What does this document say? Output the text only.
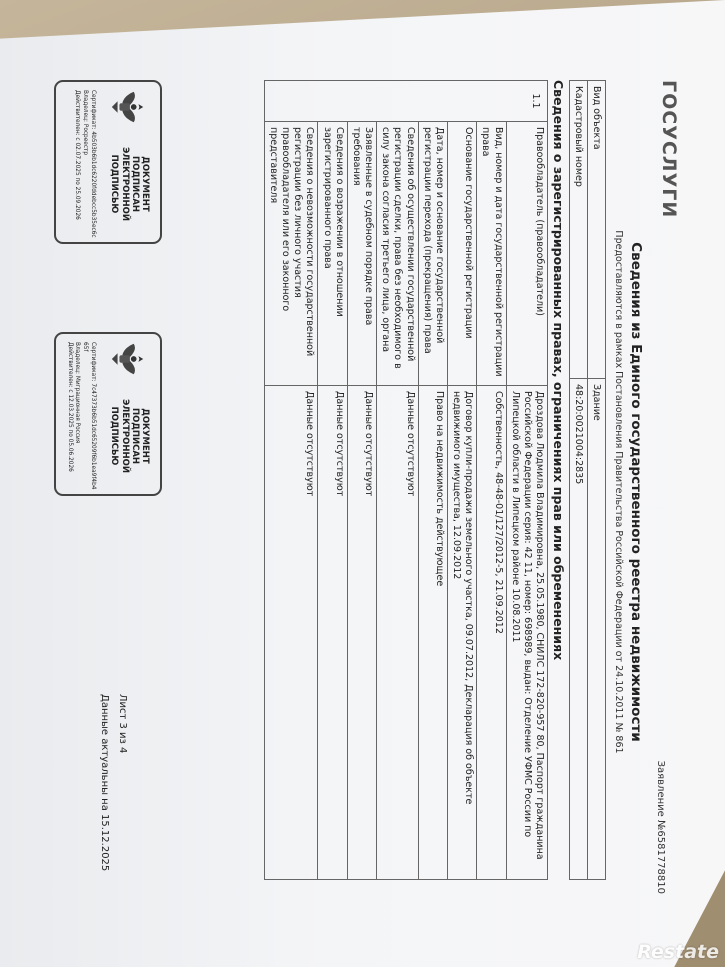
ГОСУСЛУГИ
Заявление №6581778810
Сведения из Единого государственного реестра недвижимости
Предоставляются в рамках Постановления Правительства Российской Федерации от 24.10.2011 № 861
Вид объекта	Здание
Кадастровый номер	48:20:0021004:2835
Сведения о зарегистрированных правах, ограничениях прав или обременениях
1.1	Правообладатель (правообладатели)	Дроздова Людмила Владимировна, 25.05.1980, СНИЛС 172-820-957 80, Паспорт гражданина Российской Федерации серия: 42 11, номер: 698989, выдан: Отделение УФМС России по Липецкой области в Липецком районе 10.08.2011
	Вид, номер и дата государственной регистрации права	Собственность, 48-48-01/127/2012-5, 21.09.2012
	Основание государственной регистрации	Договор купли-продажи земельного участка, 09.07.2012, Декларация об объекте недвижимого имущества, 12.09.2012
	Дата, номер и основание государственной регистрации перехода (прекращения) права	Право на недвижимость действующее
	Сведения об осуществлении государственной регистрации сделки, права без необходимого в силу закона согласия третьего лица, органа	Данные отсутствуют
	Заявленные в судебном порядке права требования	Данные отсутствуют
	Сведения о возражении в отношении зарегистрированного права	Данные отсутствуют
	Сведения о невозможности государственной регистрации без личного участия правообладателя или его законного представителя	Данные отсутствуют
ДОКУМЕНТ ПОДПИСАН ЭЛЕКТРОННОЙ ПОДПИСЬЮ
Сертификат: 4b503b6b1dc6220fddebcc5b35ec6c
Владелец: Росреестр
Действителен: с 02.07.2025 по 25.09.2026
ДОКУМЕНТ ПОДПИСАН ЭЛЕКТРОННОЙ ПОДПИСЬЮ
Сертификат: 7c47373b6b51dc65209f6b1ea9f4b465f
Владелец: Миграционная Россия
Действителен: с 12.03.2025 по 05.06.2026
Лист 3 из 4
Данные актуальны на 15.12.2025
Restate
